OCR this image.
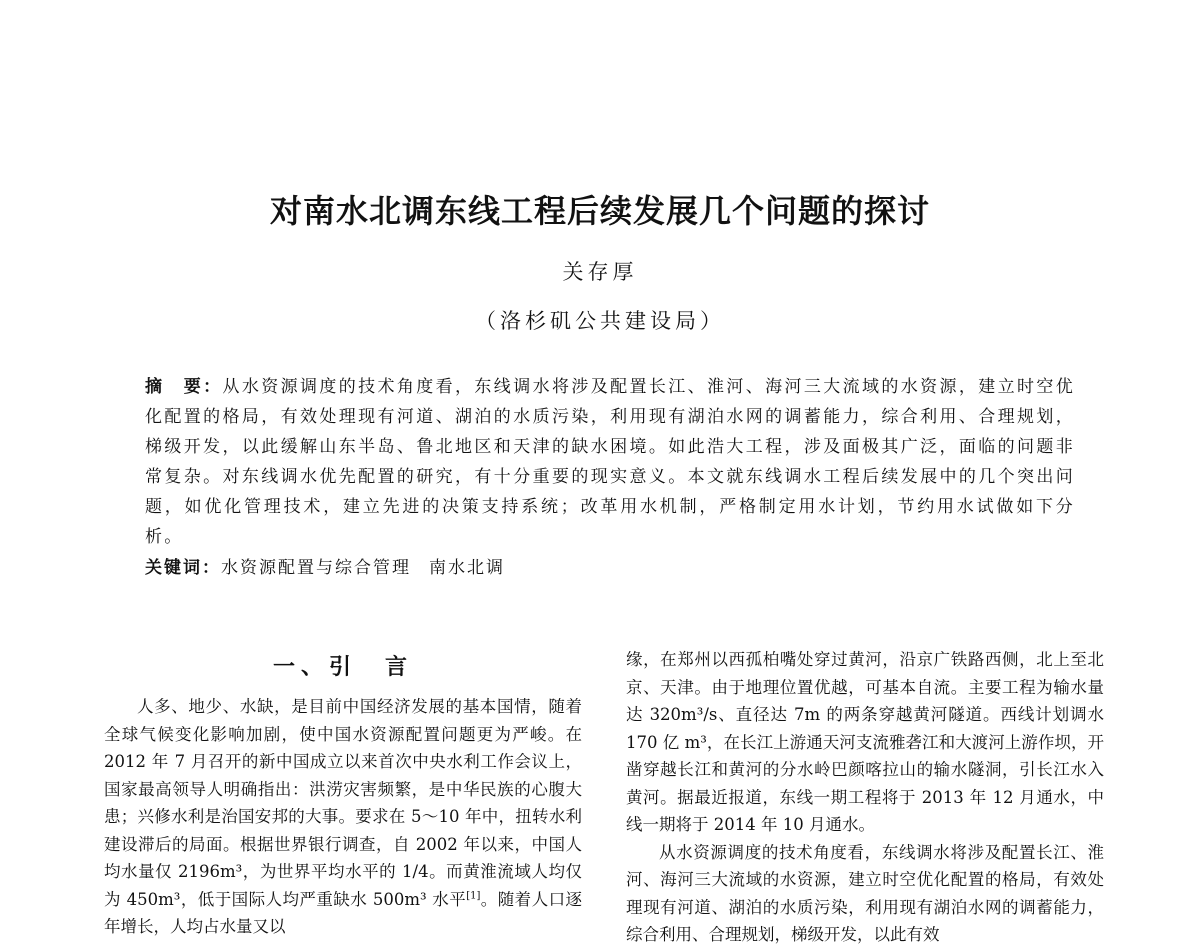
对南水北调东线工程后续发展几个问题的探讨
关存厚
（洛杉矶公共建设局）

摘　要：从水资源调度的技术角度看，东线调水将涉及配置长江、淮河、海河三大流域的水资源，建立时空优化配置的格局，有效处理现有河道、湖泊的水质污染，利用现有湖泊水网的调蓄能力，综合利用、合理规划，梯级开发，以此缓解山东半岛、鲁北地区和天津的缺水困境。如此浩大工程，涉及面极其广泛，面临的问题非常复杂。对东线调水优先配置的研究，有十分重要的现实意义。本文就东线调水工程后续发展中的几个突出问题，如优化管理技术，建立先进的决策支持系统；改革用水机制，严格制定用水计划，节约用水试做如下分析。

关键词：水资源配置与综合管理 南水北调

一、引　言

人多、地少、水缺，是目前中国经济发展的基本国情，随着全球气候变化影响加剧，使中国水资源配置问题更为严峻。在 2012 年 7 月召开的新中国成立以来首次中央水利工作会议上，国家最高领导人明确指出：洪涝灾害频繁，是中华民族的心腹大患；兴修水利是治国安邦的大事。要求在 5～10 年中，扭转水利建设滞后的局面。根据世界银行调查，自 2002 年以来，中国人均水量仅 2196m³，为世界平均水平的 1/4。而黄淮流域人均仅为 450m³，低于国际人均严重缺水 500m³ 水平[1]。随着人口逐年增长，人均占水量又以

缘，在郑州以西孤柏嘴处穿过黄河，沿京广铁路西侧，北上至北京、天津。由于地理位置优越，可基本自流。主要工程为输水量达 320m³/s、直径达 7m 的两条穿越黄河隧道。西线计划调水 170 亿 m³，在长江上游通天河支流雅砻江和大渡河上游作坝，开凿穿越长江和黄河的分水岭巴颜喀拉山的输水隧洞，引长江水入黄河。据最近报道，东线一期工程将于 2013 年 12 月通水，中线一期将于 2014 年 10 月通水。

从水资源调度的技术角度看，东线调水将涉及配置长江、淮河、海河三大流域的水资源，建立时空优化配置的格局，有效处理现有河道、湖泊的水质污染，利用现有湖泊水网的调蓄能力，综合利用、合理规划，梯级开发，以此有效
